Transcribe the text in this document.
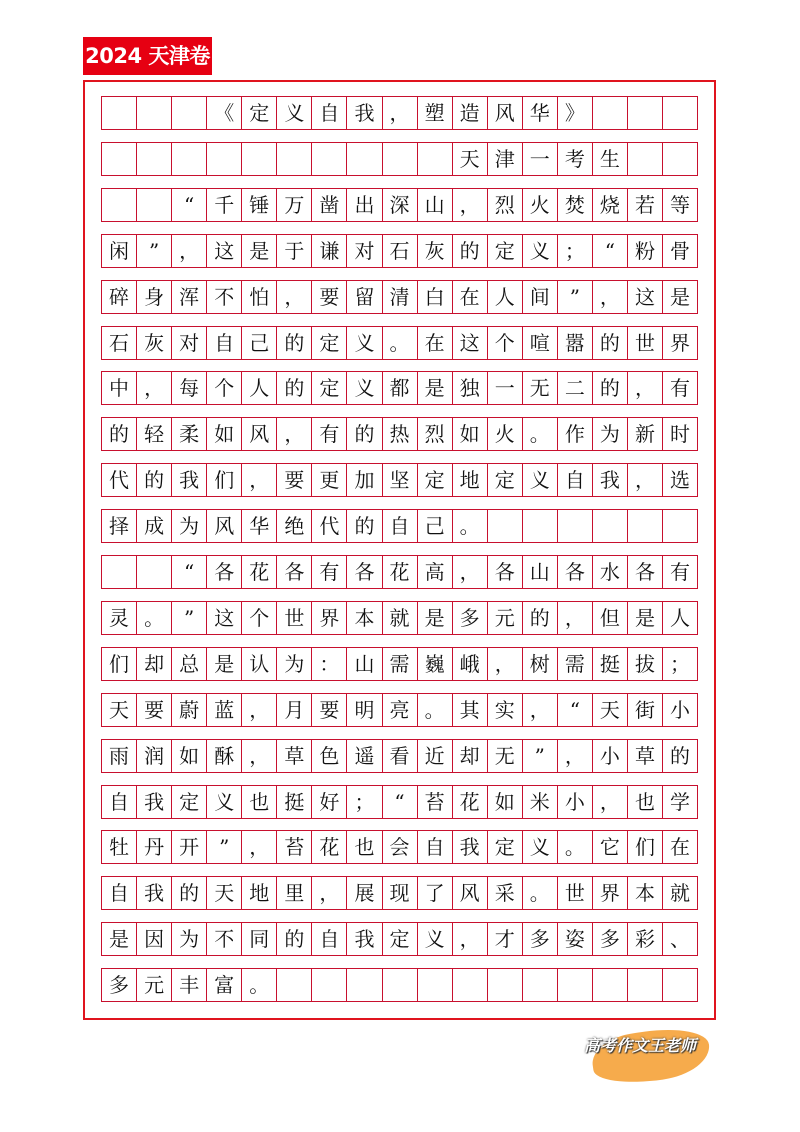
2024 天津卷
《 定 义 自 我 ， 塑 造 风 华 》
天 津 一 考 生
“ 千 锤 万 凿 出 深 山 ， 烈 火 焚 烧 若 等
闲 ” ， 这 是 于 谦 对 石 灰 的 定 义 ； “ 粉 骨
碎 身 浑 不 怕 ， 要 留 清 白 在 人 间 ” ， 这 是
石 灰 对 自 己 的 定 义 。 在 这 个 喧 嚣 的 世 界
中 ， 每 个 人 的 定 义 都 是 独 一 无 二 的 ， 有
的 轻 柔 如 风 ， 有 的 热 烈 如 火 。 作 为 新 时
代 的 我 们 ， 要 更 加 坚 定 地 定 义 自 我 ， 选
择 成 为 风 华 绝 代 的 自 己 。
“ 各 花 各 有 各 花 高 ， 各 山 各 水 各 有
灵 。 ” 这 个 世 界 本 就 是 多 元 的 ， 但 是 人
们 却 总 是 认 为 ： 山 需 巍 峨 ， 树 需 挺 拔 ；
天 要 蔚 蓝 ， 月 要 明 亮 。 其 实 ， “ 天 街 小
雨 润 如 酥 ， 草 色 遥 看 近 却 无 ” ， 小 草 的
自 我 定 义 也 挺 好 ； “ 苔 花 如 米 小 ， 也 学
牡 丹 开 ” ， 苔 花 也 会 自 我 定 义 。 它 们 在
自 我 的 天 地 里 ， 展 现 了 风 采 。 世 界 本 就
是 因 为 不 同 的 自 我 定 义 ， 才 多 姿 多 彩 、
多 元 丰 富 。
高考作文王老师
